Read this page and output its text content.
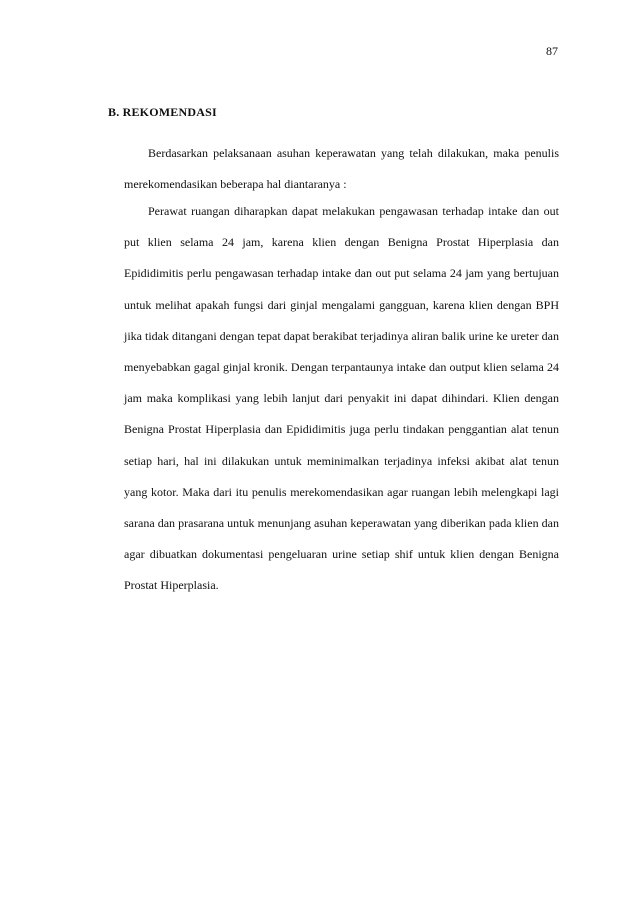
87
B. REKOMENDASI

Berdasarkan pelaksanaan asuhan keperawatan yang telah dilakukan, maka penulis merekomendasikan beberapa hal diantaranya :

Perawat ruangan diharapkan dapat melakukan pengawasan terhadap intake dan out put klien selama 24 jam, karena klien dengan Benigna Prostat Hiperplasia dan Epididimitis perlu pengawasan terhadap intake dan out put selama 24 jam yang bertujuan untuk melihat apakah fungsi dari ginjal mengalami gangguan, karena klien dengan BPH jika tidak ditangani dengan tepat dapat berakibat terjadinya aliran balik urine ke ureter dan menyebabkan gagal ginjal kronik. Dengan terpantaunya intake dan output klien selama 24 jam maka komplikasi yang lebih lanjut dari penyakit ini dapat dihindari. Klien dengan Benigna Prostat Hiperplasia dan Epididimitis juga perlu tindakan penggantian alat tenun setiap hari, hal ini dilakukan untuk meminimalkan terjadinya infeksi akibat alat tenun yang kotor. Maka dari itu penulis merekomendasikan agar ruangan lebih melengkapi lagi sarana dan prasarana untuk menunjang asuhan keperawatan yang diberikan pada klien dan agar dibuatkan dokumentasi pengeluaran urine setiap shif untuk klien dengan Benigna Prostat Hiperplasia.
